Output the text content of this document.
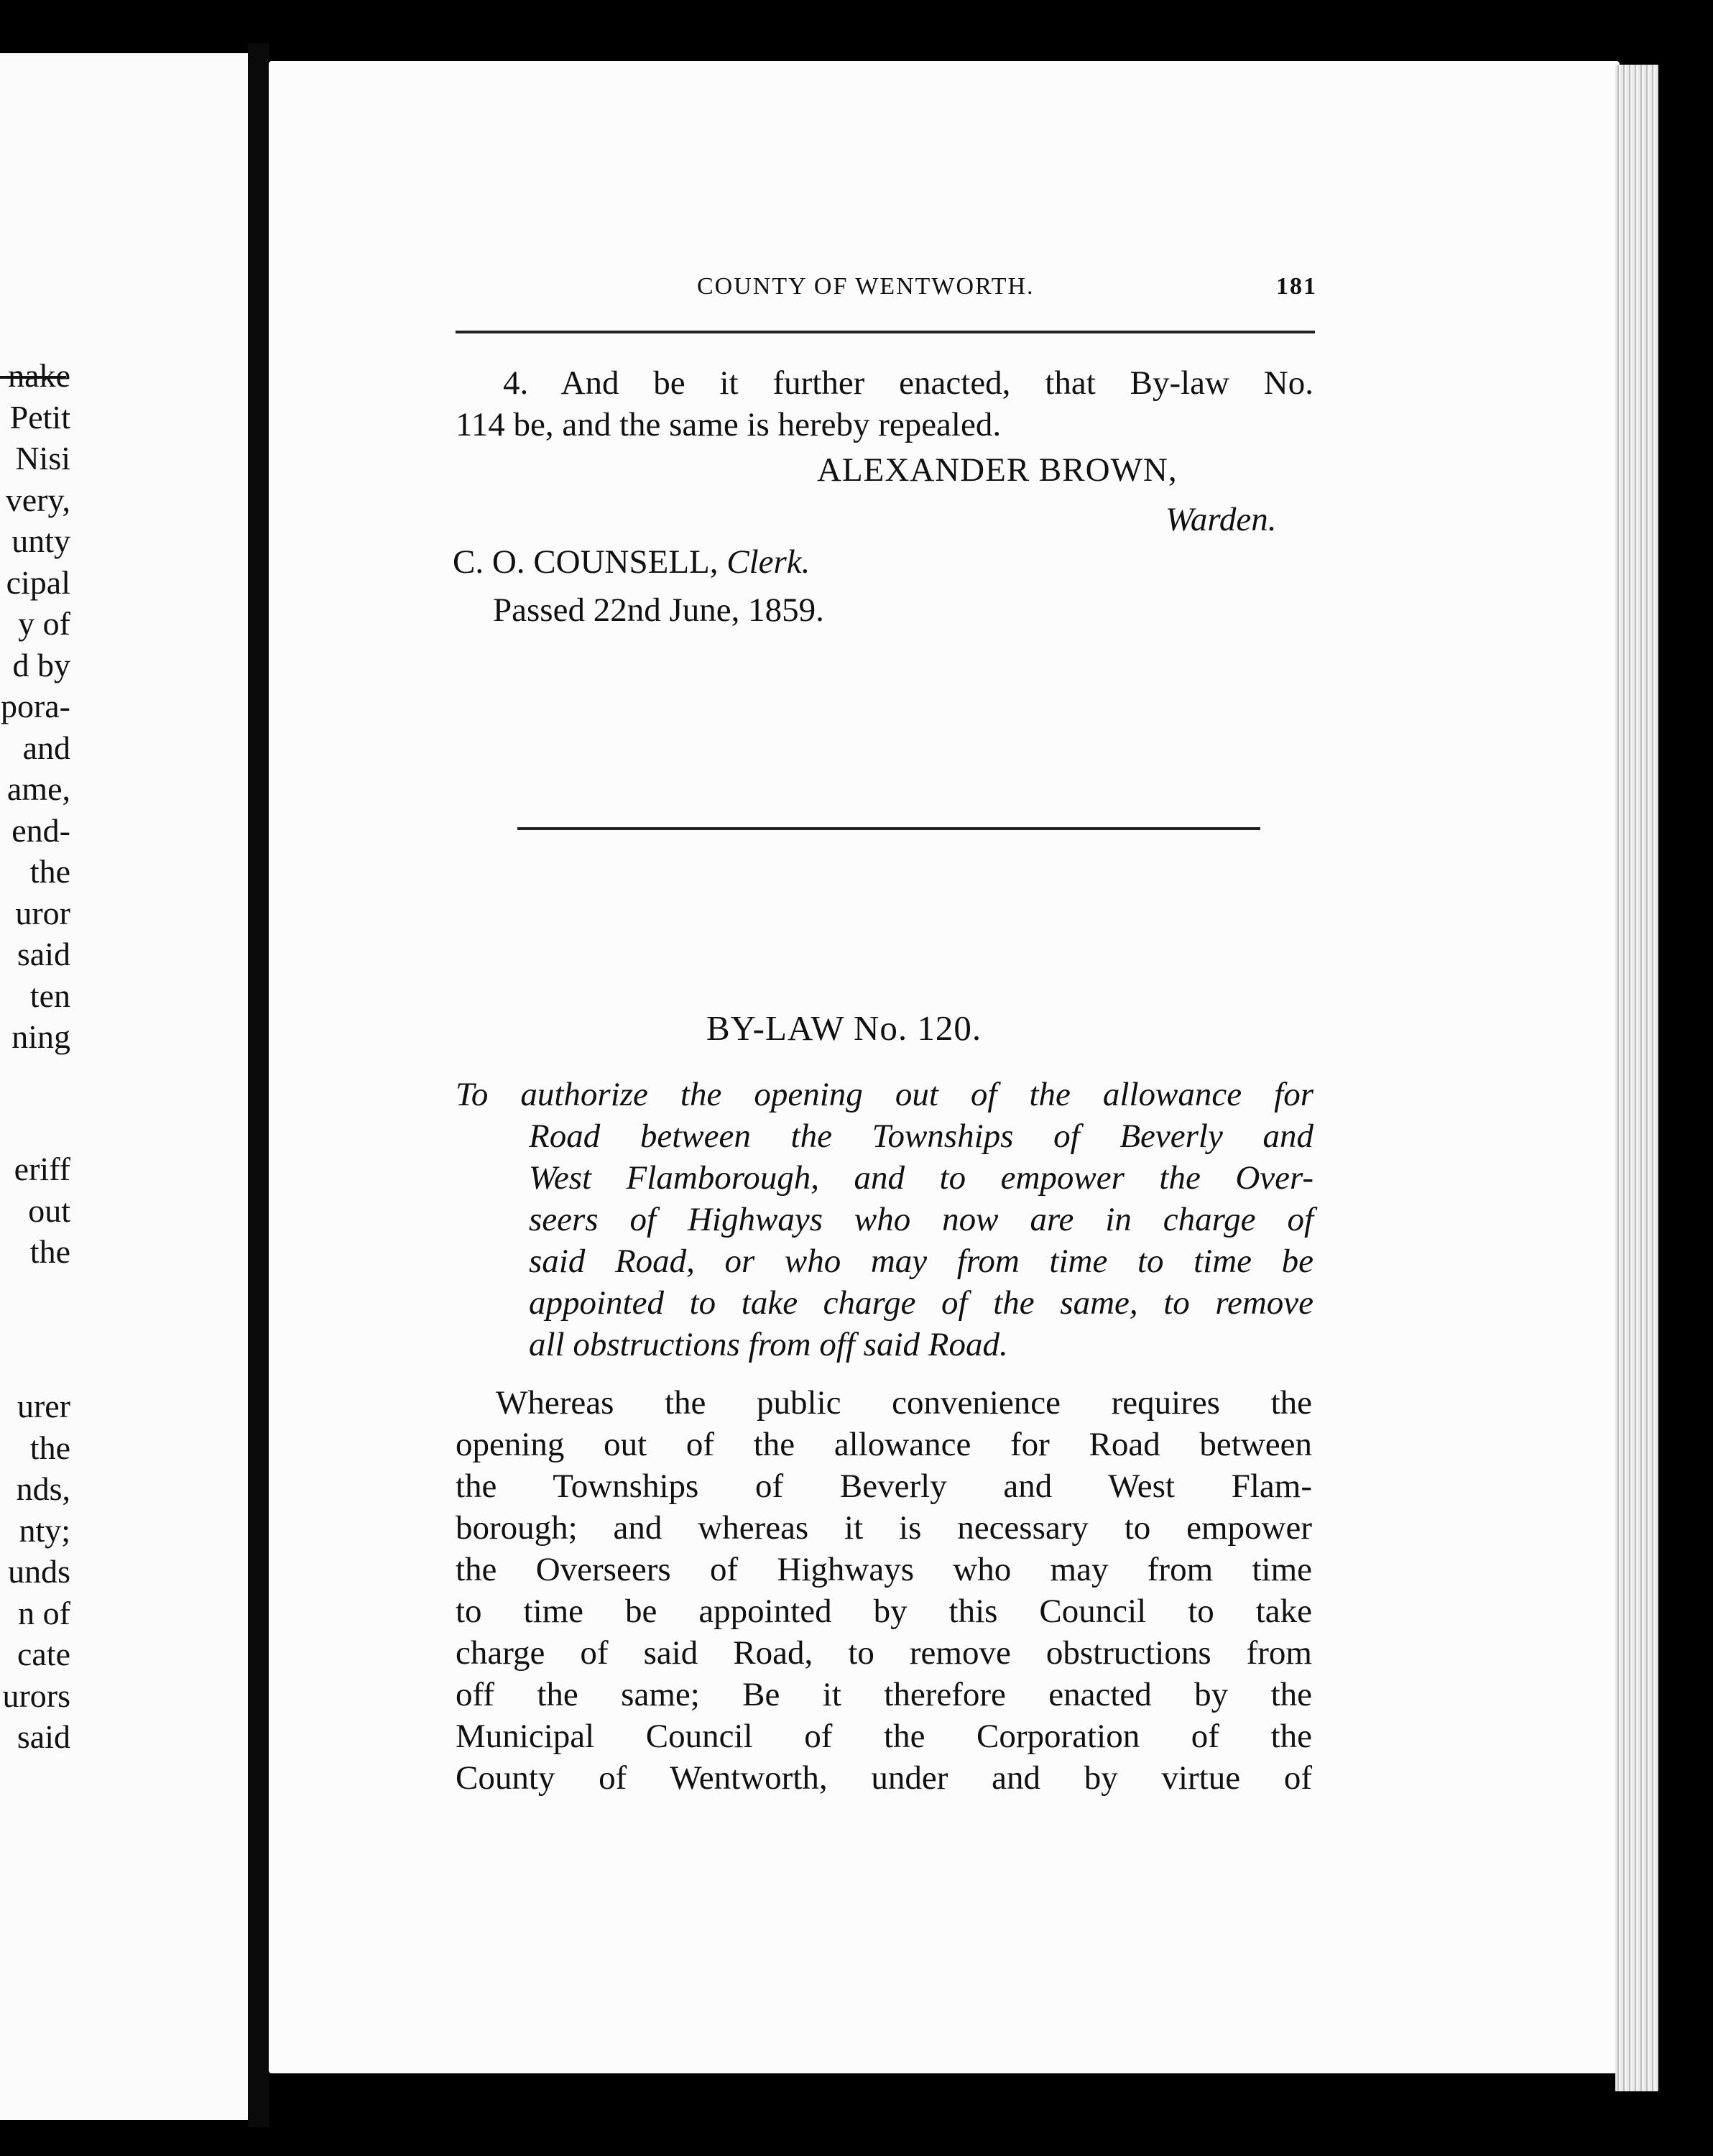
nake
Petit
Nisi
very,
unty
cipal
y of
d by
pora-
and
ame,
end-
the
uror
said
ten
ning
eriff
out
the
urer
the
nds,
nty;
unds
n of
cate
urors
said
COUNTY OF WENTWORTH.	181
4. And be it further enacted, that By-law No.
114 be, and the same is hereby repealed.
ALEXANDER BROWN,
Warden.
C. O. COUNSELL, Clerk.
Passed 22nd June, 1859.
BY-LAW No. 120.
To authorize the opening out of the allowance for
Road between the Townships of Beverly and
West Flamborough, and to empower the Over-
seers of Highways who now are in charge of
said Road, or who may from time to time be
appointed to take charge of the same, to remove
all obstructions from off said Road.
Whereas the public convenience requires the
opening out of the allowance for Road between
the Townships of Beverly and West Flam-
borough; and whereas it is necessary to empower
the Overseers of Highways who may from time
to time be appointed by this Council to take
charge of said Road, to remove obstructions from
off the same; Be it therefore enacted by the
Municipal Council of the Corporation of the
County of Wentworth, under and by virtue of
